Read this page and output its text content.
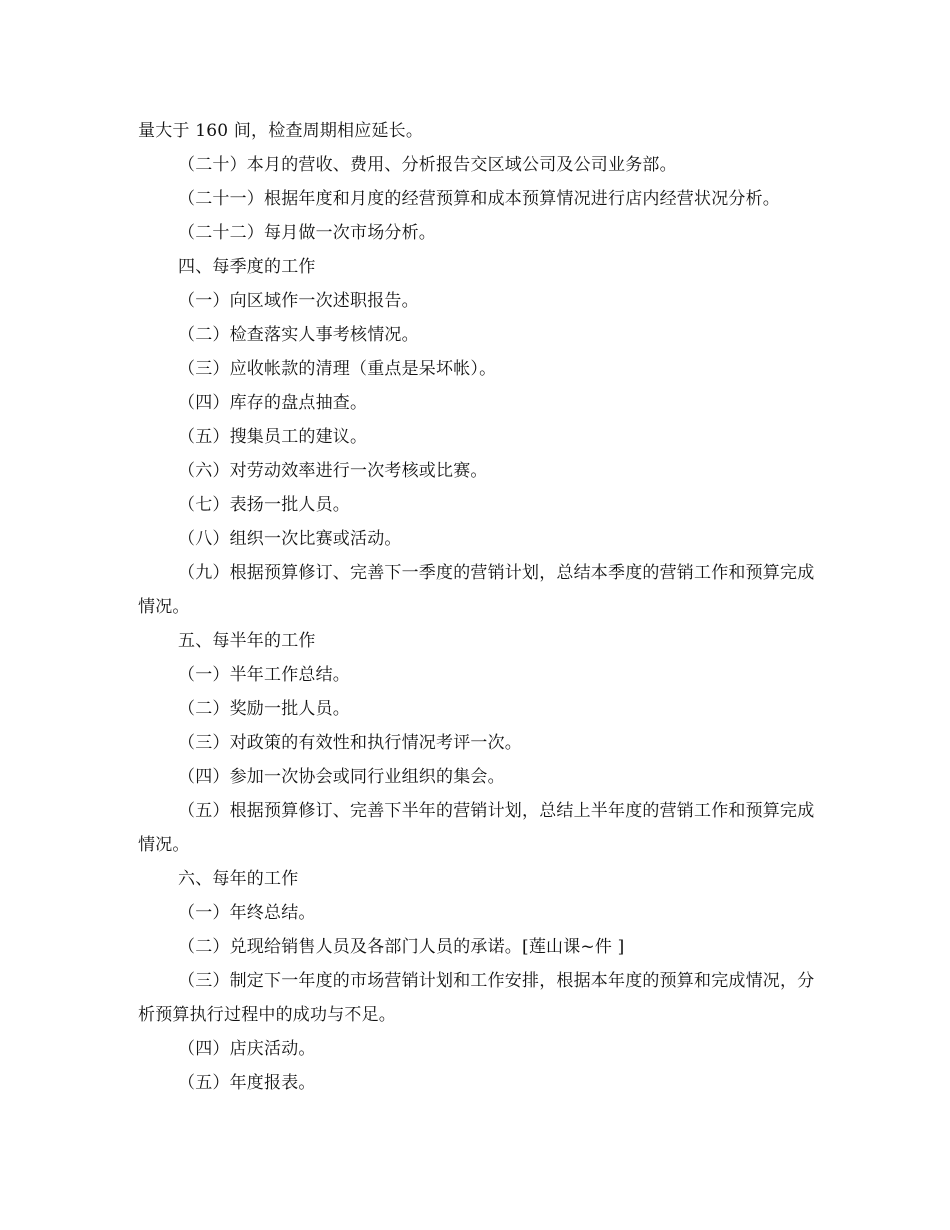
量大于 160 间，检查周期相应延长。

（二十）本月的营收、费用、分析报告交区域公司及公司业务部。

（二十一）根据年度和月度的经营预算和成本预算情况进行店内经营状况分析。

（二十二）每月做一次市场分析。

四、每季度的工作

（一）向区域作一次述职报告。

（二）检查落实人事考核情况。

（三）应收帐款的清理（重点是呆坏帐）。

（四）库存的盘点抽查。

（五）搜集员工的建议。

（六）对劳动效率进行一次考核或比赛。

（七）表扬一批人员。

（八）组织一次比赛或活动。

（九）根据预算修订、完善下一季度的营销计划，总结本季度的营销工作和预算完成情况。

五、每半年的工作

（一）半年工作总结。

（二）奖励一批人员。

（三）对政策的有效性和执行情况考评一次。

（四）参加一次协会或同行业组织的集会。

（五）根据预算修订、完善下半年的营销计划，总结上半年度的营销工作和预算完成情况。

六、每年的工作

（一）年终总结。

（二）兑现给销售人员及各部门人员的承诺。[莲山课~件 ]

（三）制定下一年度的市场营销计划和工作安排，根据本年度的预算和完成情况，分析预算执行过程中的成功与不足。

（四）店庆活动。

（五）年度报表。
